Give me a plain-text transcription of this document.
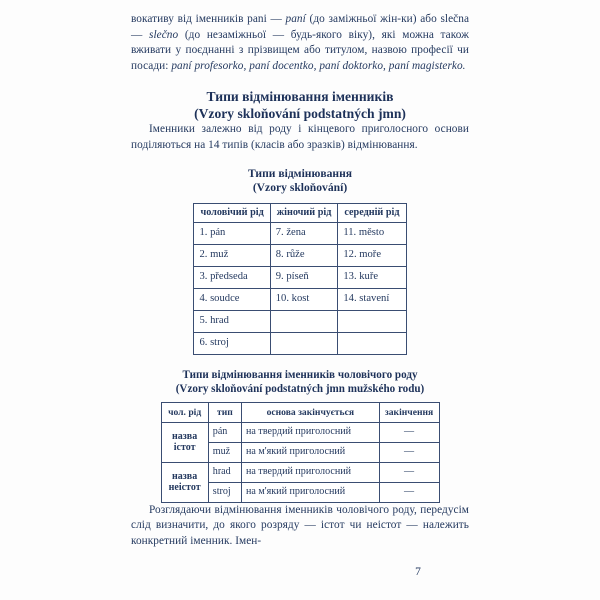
вокативу від іменників pani — paní (до заміжньої жін-ки) або slečna — slečno (до незаміжньої — будь-якого віку), які можна також вживати у поєднанні з прізвищем або титулом, назвою професії чи посади: paní profesorko, paní docentko, paní doktorko, paní magisterko.

Типи відмінювання іменників
(Vzory skloňování podstatných jmn)

Іменники залежно від роду і кінцевого приголосного основи поділяються на 14 типів (класів або зразків) відмінювання.

Типи відмінювання
(Vzory skloňování)
чоловічий рід	жіночий рід	середній рід
1. pán	7. žena	11. město
2. muž	8. růže	12. moře
3. předseda	9. píseň	13. kuře
4. soudce	10. kost	14. stavení
5. hrad		
6. stroj		
Типи відмінювання іменників чоловічого роду
(Vzory skloňování podstatných jmn mužského rodu)
чол. рід	тип	основа закінчується	закінчення
назва істот	pán	на твердий приголосний	—
	muž	на м'який приголосний	—
назва неістот	hrad	на твердий приголосний	—
	stroj	на м'який приголосний	—

Розглядаючи відмінювання іменників чоловічого роду, передусім слід визначити, до якого розряду — істот чи неістот — належить конкретний іменник. Імен-

7
